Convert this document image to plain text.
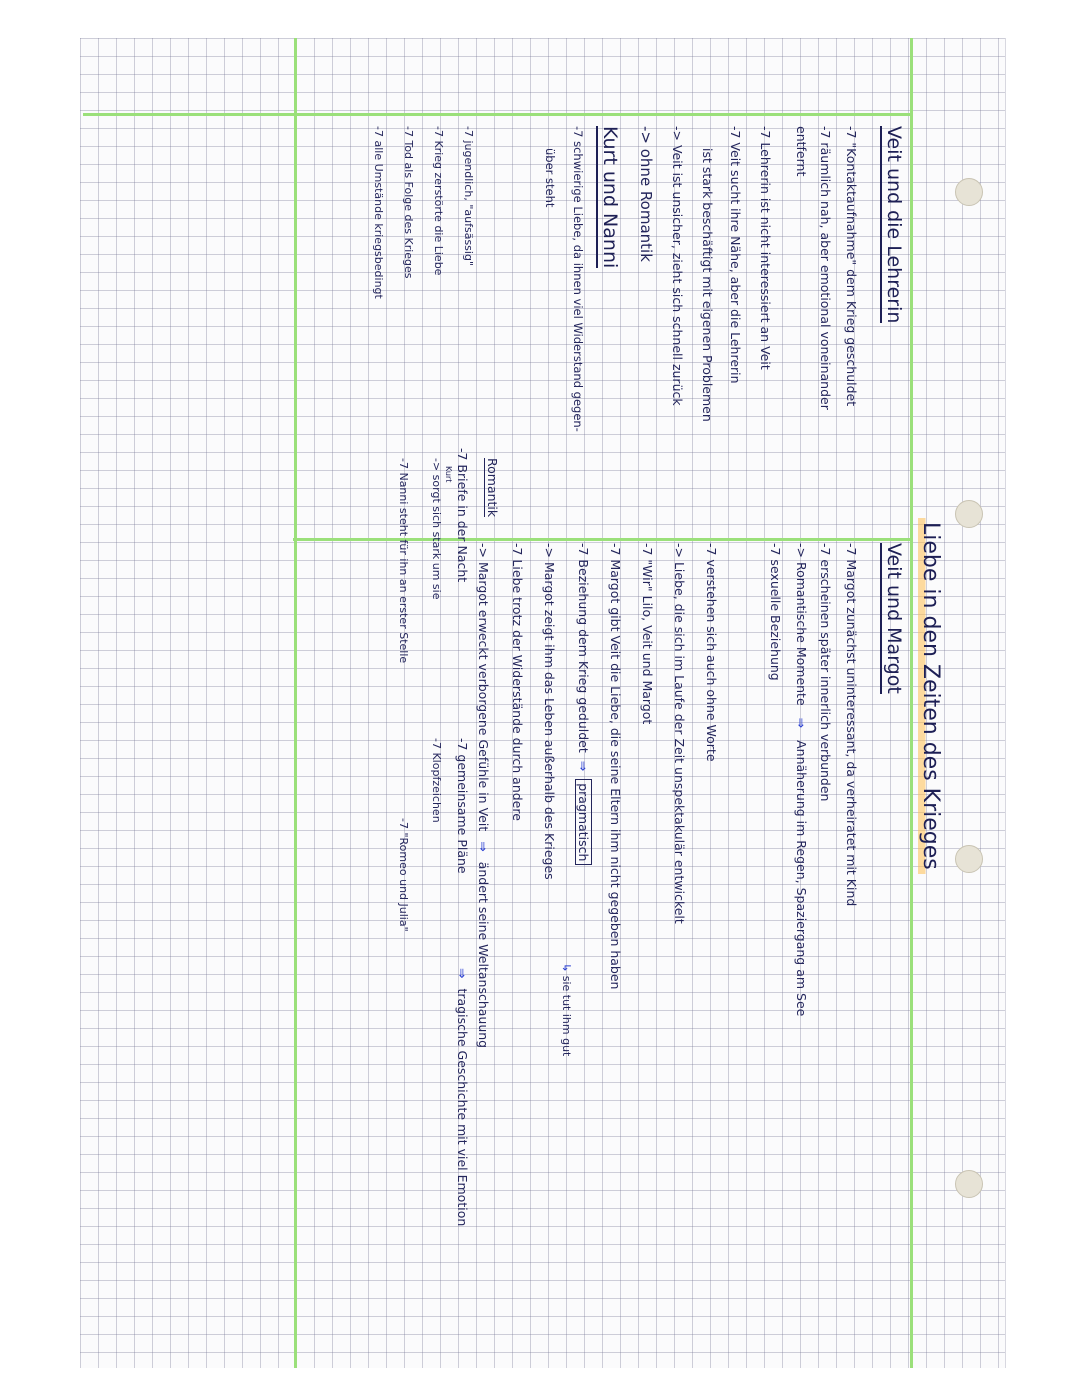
Liebe in den Zeiten des Krieges
Veit und Margot
-7 Margot zunächst uninteressant, da verheiratet mit Kind
-7 erscheinen später innerlich verbunden
-> Romantische Momente ⇒ Annäherung im Regen, Spaziergang am See
-7 sexuelle Beziehung
-7 verstehen sich auch ohne Worte
-> Liebe, die sich im Laufe der Zeit unspektakulär entwickelt
-7 "Wir" Lilo, Veit und Margot
-7 Margot gibt Veit die Liebe, die seine Eltern ihm nicht gegeben haben
-7 Beziehung dem Krieg geduldet ⇒ pragmatisch
↳ sie tut ihm gut
-> Margot zeigt ihm das Leben außerhalb des Krieges
-7 Liebe trotz der Widerstände durch andere
-> Margot erweckt verborgene Gefühle in Veit ⇒ ändert seine Weltanschauung
Veit und die Lehrerin
-7 "Kontaktaufnahme" dem Krieg geschuldet
-7 räumlich nah, aber emotional voneinander
entfernt
-7 Lehrerin ist nicht interessiert an Veit
-7 Veit sucht ihre Nähe, aber die Lehrerin
ist stark beschäftigt mit eigenen Problemen
-> Veit ist unsicher, zieht sich schnell zurück
-> ohne Romantik
Kurt und Nanni
-7 schwierige Liebe, da ihnen viel Widerstand gegen-
über steht
Romantik
-7 jugendlich, "aufsässig"
-7 Briefe in der Nacht
-7 gemeinsame Pläne
⇒ tragische Geschichte mit viel Emotion
-7 Krieg zerstörte die Liebe
Kurt
-> sorgt sich stark um sie
-7 Klopfzeichen
-7 Tod als Folge des Krieges
-7 Nanni steht für ihn an erster Stelle
-7 "Romeo und Julia"
-7 alle Umstände kriegsbedingt
